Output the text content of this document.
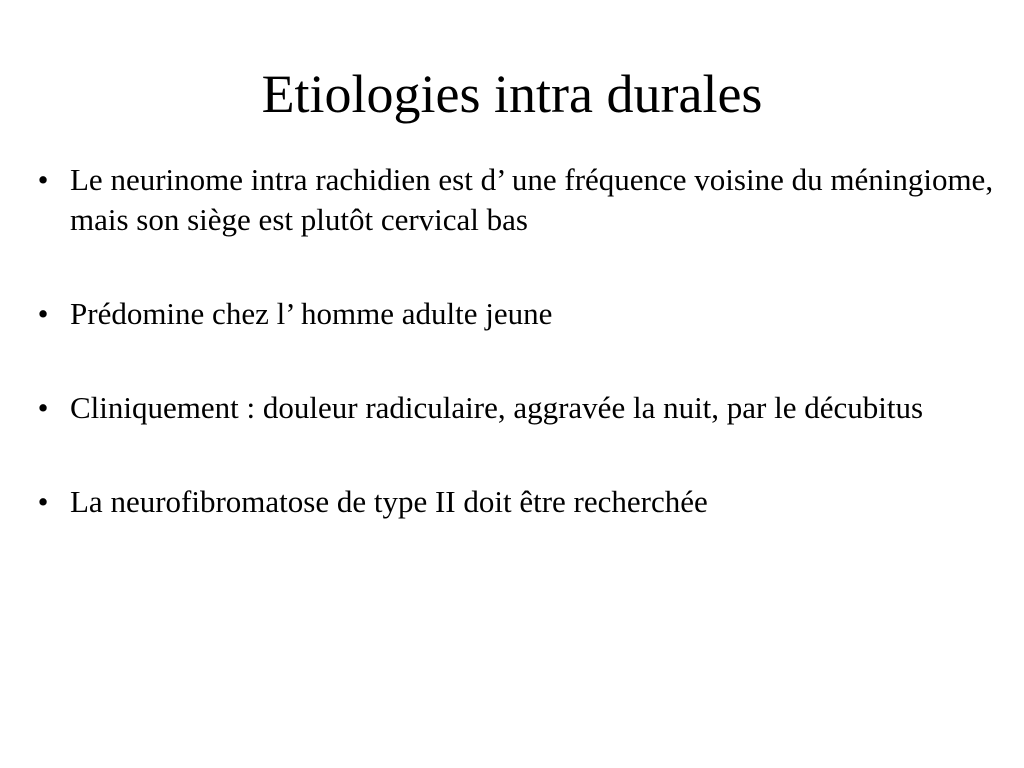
Etiologies intra durales
• Le neurinome intra rachidien est d’ une fréquence voisine du méningiome, mais son siège est plutôt cervical bas
• Prédomine chez l’ homme adulte jeune
• Cliniquement : douleur radiculaire, aggravée la nuit, par le décubitus
• La neurofibromatose de type II doit être recherchée
